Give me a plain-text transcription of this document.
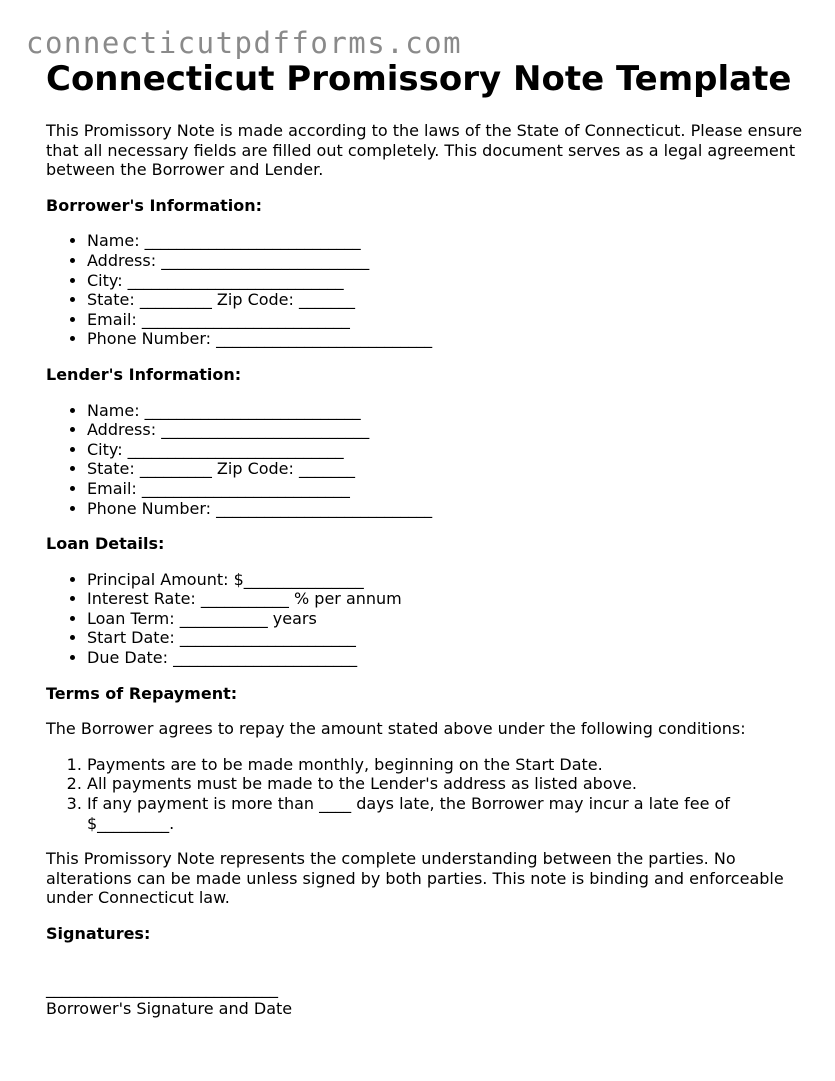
connecticutpdfforms.com
Connecticut Promissory Note Template

This Promissory Note is made according to the laws of the State of Connecticut. Please ensure that all necessary fields are filled out completely. This document serves as a legal agreement between the Borrower and Lender.

Borrower's Information:
• Name: ___________________________
• Address: __________________________
• City: ___________________________
• State: _________ Zip Code: _______
• Email: __________________________
• Phone Number: ___________________________
Lender's Information:
• Name: ___________________________
• Address: __________________________
• City: ___________________________
• State: _________ Zip Code: _______
• Email: __________________________
• Phone Number: ___________________________
Loan Details:
• Principal Amount: $_______________
• Interest Rate: ___________ % per annum
• Loan Term: ___________ years
• Start Date: ______________________
• Due Date: _______________________
Terms of Repayment:

The Borrower agrees to repay the amount stated above under the following conditions:

1. Payments are to be made monthly, beginning on the Start Date.
2. All payments must be made to the Lender's address as listed above.
3. If any payment is more than ____ days late, the Borrower may incur a late fee of $_________.

This Promissory Note represents the complete understanding between the parties. No alterations can be made unless signed by both parties. This note is binding and enforceable under Connecticut law.

Signatures:
_____________________________
Borrower's Signature and Date
